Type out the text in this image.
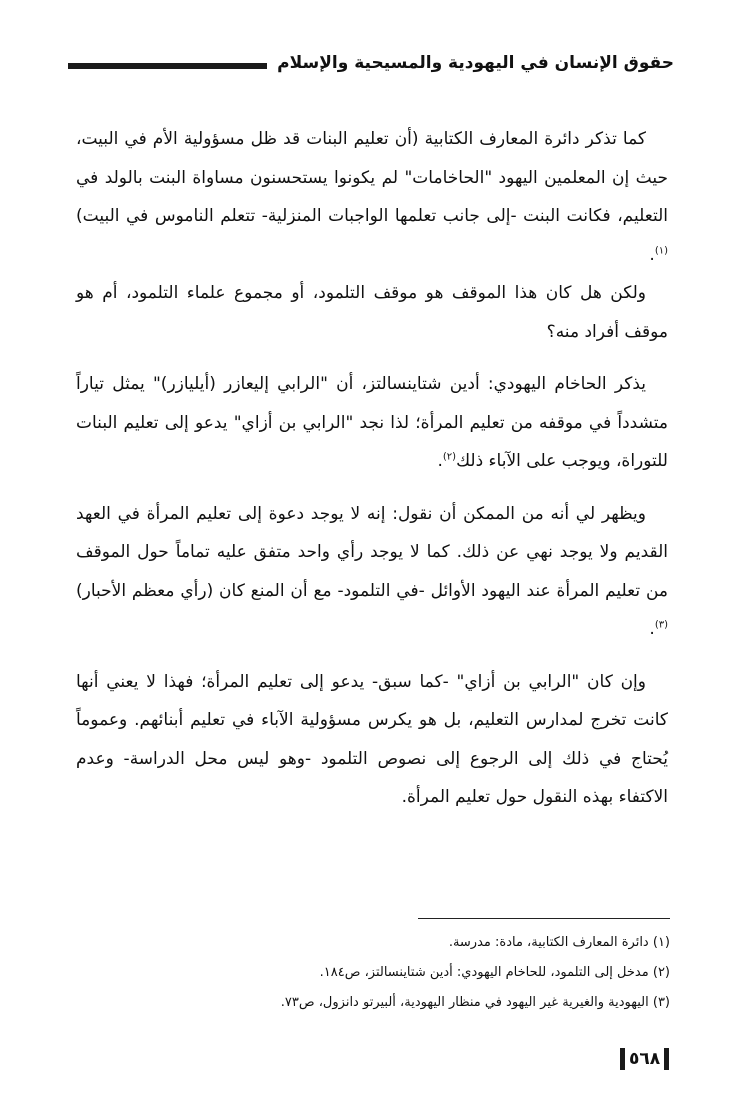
حقوق الإنسان في اليهودية والمسيحية والإسلام

كما تذكر دائرة المعارف الكتابية (أن تعليم البنات قد ظل مسؤولية الأم في البيت، حيث إن المعلمين اليهود "الحاخامات" لم يكونوا يستحسنون مساواة البنت بالولد في التعليم، فكانت البنت -إلى جانب تعلمها الواجبات المنزلية- تتعلم الناموس في البيت)$^{(١)}$.

ولكن هل كان هذا الموقف هو موقف التلمود، أو مجموع علماء التلمود، أم هو موقف أفراد منه؟

يذكر الحاخام اليهودي: أدين شتاينسالتز، أن "الرابي إليعازر (أيليازر)" يمثل تياراً متشدداً في موقفه من تعليم المرأة؛ لذا نجد "الرابي بن أزاي" يدعو إلى تعليم البنات للتوراة، ويوجب على الآباء ذلك$^{(٢)}$.

ويظهر لي أنه من الممكن أن نقول: إنه لا يوجد دعوة إلى تعليم المرأة في العهد القديم ولا يوجد نهي عن ذلك. كما لا يوجد رأي واحد متفق عليه تماماً حول الموقف من تعليم المرأة عند اليهود الأوائل -في التلمود- مع أن المنع كان (رأي معظم الأحبار)$^{(٣)}$.

وإن كان "الرابي بن أزاي" -كما سبق- يدعو إلى تعليم المرأة؛ فهذا لا يعني أنها كانت تخرج لمدارس التعليم، بل هو يكرس مسؤولية الآباء في تعليم أبنائهم. وعموماً يُحتاج في ذلك إلى الرجوع إلى نصوص التلمود -وهو ليس محل الدراسة- وعدم الاكتفاء بهذه النقول حول تعليم المرأة.

(١) دائرة المعارف الكتابية، مادة: مدرسة.

(٢) مدخل إلى التلمود، للحاخام اليهودي: أدين شتاينسالتز، ص١٨٤.

(٣) اليهودية والغيرية غير اليهود في منظار اليهودية، ألبيرتو دانزول، ص٧٣.

٥٦٨
